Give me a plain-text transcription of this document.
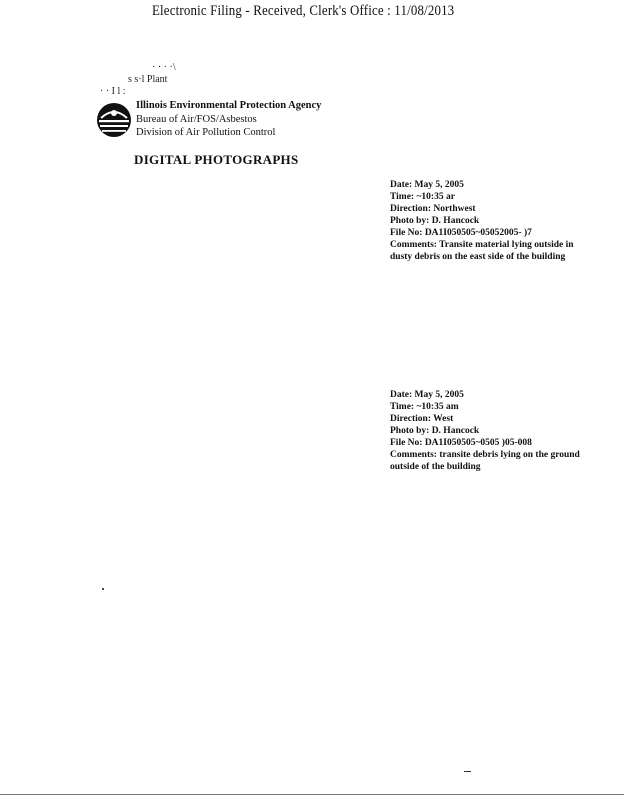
Electronic Filing - Received, Clerk's Office : 11/08/2013
· · · ·\
s s·l Plant
· · I l :
Illinois Environmental Protection Agency
Bureau of Air/FOS/Asbestos
Division of Air Pollution Control
DIGITAL PHOTOGRAPHS
Date: May 5, 2005
Time: ~10:35 ar
Direction: Northwest
Photo by: D. Hancock
File No: DA1I050505~05052005- )7
Comments: Transite material lying outside in
dusty debris on the east side of the building
Date: May 5, 2005
Time: ~10:35 am
Direction: West
Photo by: D. Hancock
File No: DA1I050505~0505 )05-008
Comments: transite debris lying on the ground
outside of the building
